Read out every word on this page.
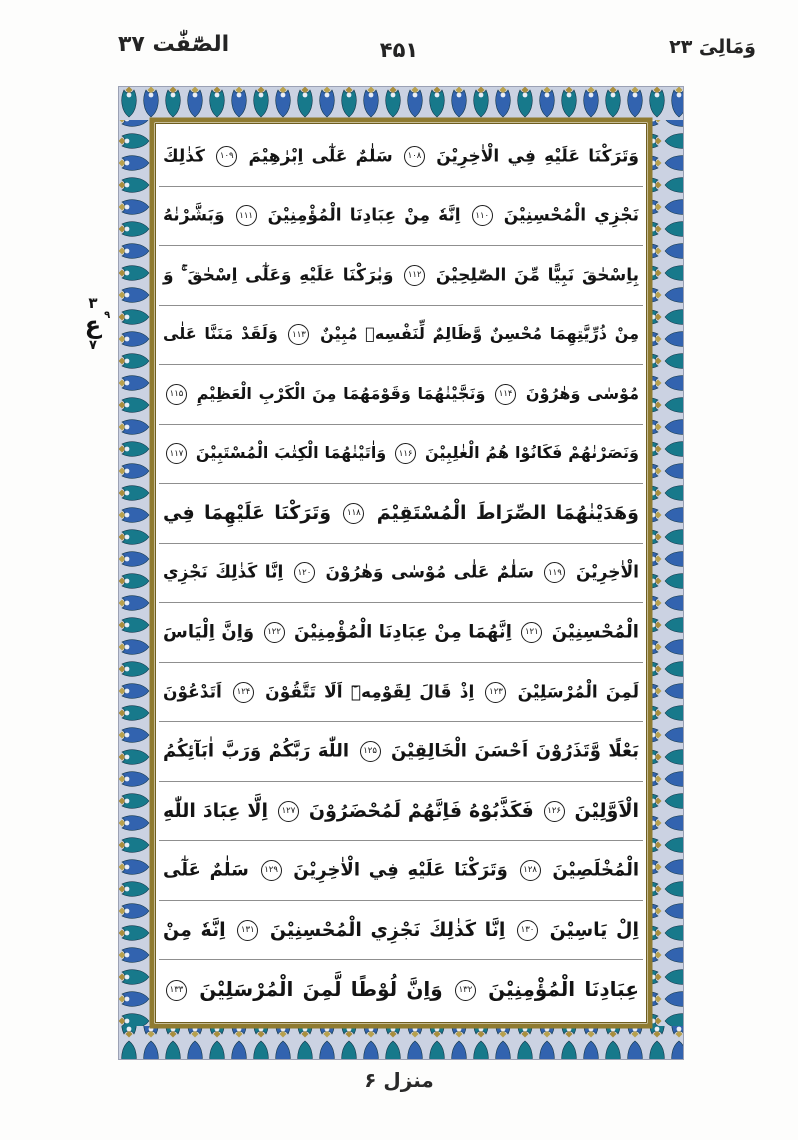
الصّٰٓفّٰت ۳۷	۴۵۱	وَمَالِىَ ۲۳
۳
ع ۹
۷
وَتَرَكْنَا عَلَيْهِ فِي الْاٰخِرِيْنَ ۱۰۸ سَلٰمٌ عَلٰٓى اِبْرٰهِيْمَ ۱۰۹ كَذٰلِكَ
نَجْزِي الْمُحْسِنِيْنَ ۱۱۰ اِنَّهٗ مِنْ عِبَادِنَا الْمُؤْمِنِيْنَ ۱۱۱ وَبَشَّرْنٰهُ
بِاِسْحٰقَ نَبِيًّا مِّنَ الصّٰلِحِيْنَ ۱۱۲ وَبٰرَكْنَا عَلَيْهِ وَعَلٰٓى اِسْحٰقَ ۚ وَ
مِنْ ذُرِّيَّتِهِمَا مُحْسِنٌ وَّظَالِمٌ لِّنَفْسِهٖ مُبِيْنٌ ۱۱۳ وَلَقَدْ مَنَنَّا عَلٰى
مُوْسٰى وَهٰرُوْنَ ۱۱۴ وَنَجَّيْنٰهُمَا وَقَوْمَهُمَا مِنَ الْكَرْبِ الْعَظِيْمِ ۱۱۵
وَنَصَرْنٰهُمْ فَكَانُوْا هُمُ الْغٰلِبِيْنَ ۱۱۶ وَاٰتَيْنٰهُمَا الْكِتٰبَ الْمُسْتَبِيْنَ ۱۱۷
وَهَدَيْنٰهُمَا الصِّرَاطَ الْمُسْتَقِيْمَ ۱۱۸ وَتَرَكْنَا عَلَيْهِمَا فِي
الْاٰخِرِيْنَ ۱۱۹ سَلٰمٌ عَلٰى مُوْسٰى وَهٰرُوْنَ ۱۲۰ اِنَّا كَذٰلِكَ نَجْزِي
الْمُحْسِنِيْنَ ۱۲۱ اِنَّهُمَا مِنْ عِبَادِنَا الْمُؤْمِنِيْنَ ۱۲۲ وَاِنَّ اِلْيَاسَ
لَمِنَ الْمُرْسَلِيْنَ ۱۲۳ اِذْ قَالَ لِقَوْمِهٖٓ اَلَا تَتَّقُوْنَ ۱۲۴ اَتَدْعُوْنَ
بَعْلًا وَّتَذَرُوْنَ اَحْسَنَ الْخَالِقِيْنَ ۱۲۵ اللّٰهَ رَبَّكُمْ وَرَبَّ اٰبَآئِكُمُ
الْاَوَّلِيْنَ ۱۲۶ فَكَذَّبُوْهُ فَاِنَّهُمْ لَمُحْضَرُوْنَ ۱۲۷ اِلَّا عِبَادَ اللّٰهِ
الْمُخْلَصِيْنَ ۱۲۸ وَتَرَكْنَا عَلَيْهِ فِي الْاٰخِرِيْنَ ۱۲۹ سَلٰمٌ عَلٰٓى
اِلْ يَاسِيْنَ ۱۳۰ اِنَّا كَذٰلِكَ نَجْزِي الْمُحْسِنِيْنَ ۱۳۱ اِنَّهٗ مِنْ
عِبَادِنَا الْمُؤْمِنِيْنَ ۱۳۲ وَاِنَّ لُوْطًا لَّمِنَ الْمُرْسَلِيْنَ ۱۳۳
منزل ۶
